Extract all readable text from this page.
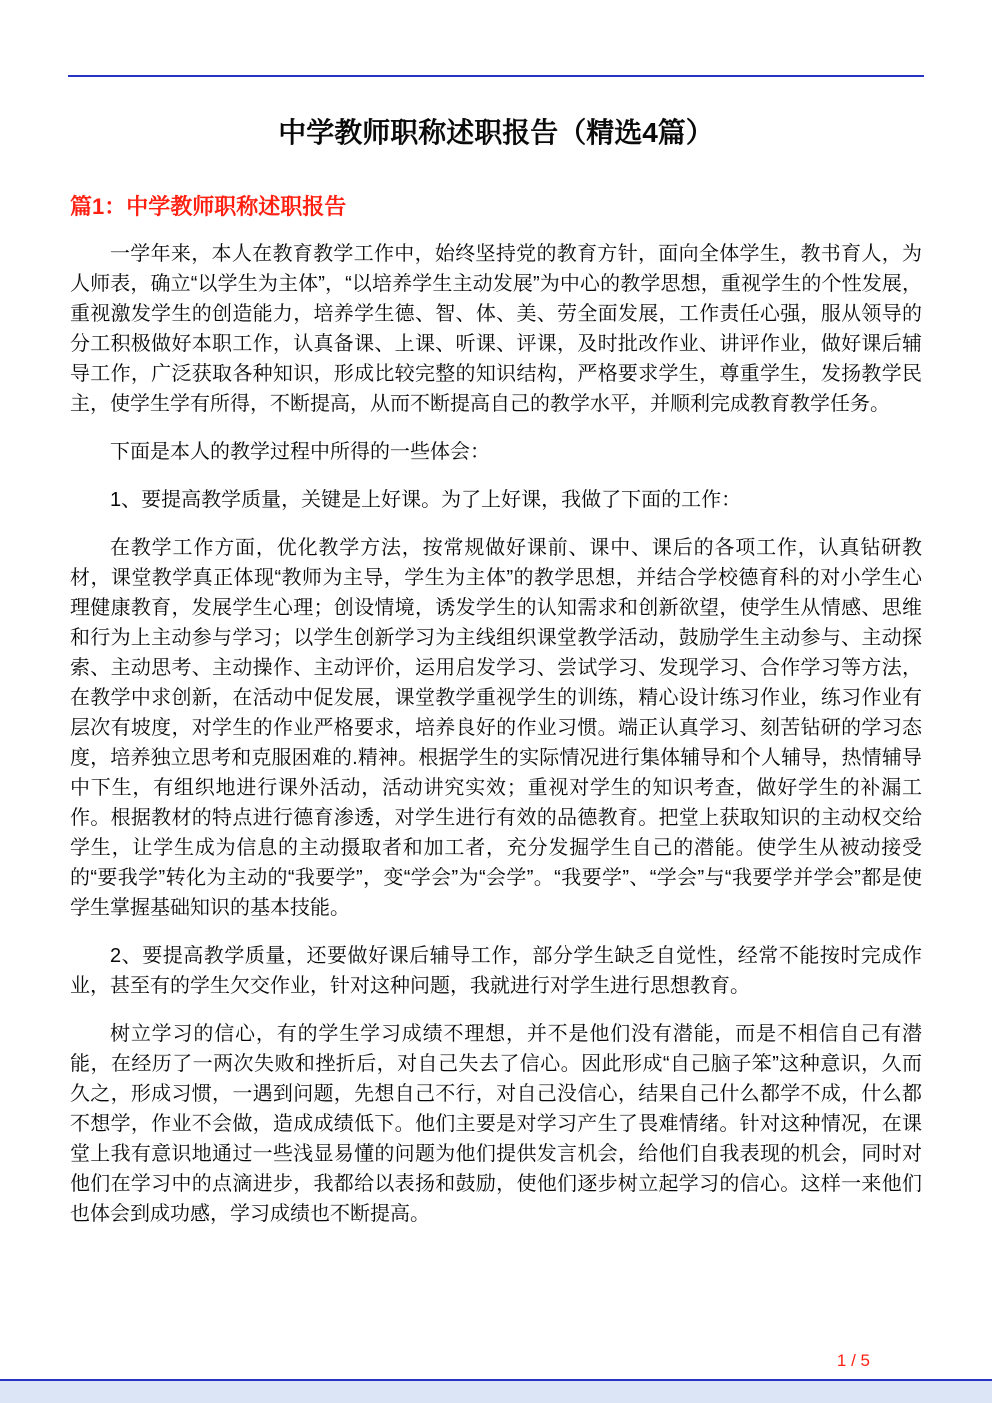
中学教师职称述职报告（精选4篇）
篇1：中学教师职称述职报告

一学年来，本人在教育教学工作中，始终坚持党的教育方针，面向全体学生，教书育人，为人师表，确立“以学生为主体”，“以培养学生主动发展”为中心的教学思想，重视学生的个性发展，重视激发学生的创造能力，培养学生德、智、体、美、劳全面发展，工作责任心强，服从领导的分工积极做好本职工作，认真备课、上课、听课、评课，及时批改作业、讲评作业，做好课后辅导工作，广泛获取各种知识，形成比较完整的知识结构，严格要求学生，尊重学生，发扬教学民主，使学生学有所得，不断提高，从而不断提高自己的教学水平，并顺利完成教育教学任务。

下面是本人的教学过程中所得的一些体会：

1、要提高教学质量，关键是上好课。为了上好课，我做了下面的工作：

在教学工作方面，优化教学方法，按常规做好课前、课中、课后的各项工作，认真钻研教材，课堂教学真正体现“教师为主导，学生为主体”的教学思想，并结合学校德育科的对小学生心理健康教育，发展学生心理；创设情境，诱发学生的认知需求和创新欲望，使学生从情感、思维和行为上主动参与学习；以学生创新学习为主线组织课堂教学活动，鼓励学生主动参与、主动探索、主动思考、主动操作、主动评价，运用启发学习、尝试学习、发现学习、合作学习等方法，在教学中求创新，在活动中促发展，课堂教学重视学生的训练，精心设计练习作业，练习作业有层次有坡度，对学生的作业严格要求，培养良好的作业习惯。端正认真学习、刻苦钻研的学习态度，培养独立思考和克服困难的.精神。根据学生的实际情况进行集体辅导和个人辅导，热情辅导中下生，有组织地进行课外活动，活动讲究实效；重视对学生的知识考查，做好学生的补漏工作。根据教材的特点进行德育渗透，对学生进行有效的品德教育。把堂上获取知识的主动权交给学生，让学生成为信息的主动摄取者和加工者，充分发掘学生自己的潜能。使学生从被动接受的“要我学”转化为主动的“我要学”，变“学会”为“会学”。“我要学”、“学会”与“我要学并学会”都是使学生掌握基础知识的基本技能。

2、要提高教学质量，还要做好课后辅导工作，部分学生缺乏自觉性，经常不能按时完成作业，甚至有的学生欠交作业，针对这种问题，我就进行对学生进行思想教育。

树立学习的信心，有的学生学习成绩不理想，并不是他们没有潜能，而是不相信自己有潜能，在经历了一两次失败和挫折后，对自己失去了信心。因此形成“自己脑子笨”这种意识，久而久之，形成习惯，一遇到问题，先想自己不行，对自己没信心，结果自己什么都学不成，什么都不想学，作业不会做，造成成绩低下。他们主要是对学习产生了畏难情绪。针对这种情况，在课堂上我有意识地通过一些浅显易懂的问题为他们提供发言机会，给他们自我表现的机会，同时对他们在学习中的点滴进步，我都给以表扬和鼓励，使他们逐步树立起学习的信心。这样一来他们也体会到成功感，学习成绩也不断提高。

1 / 5
